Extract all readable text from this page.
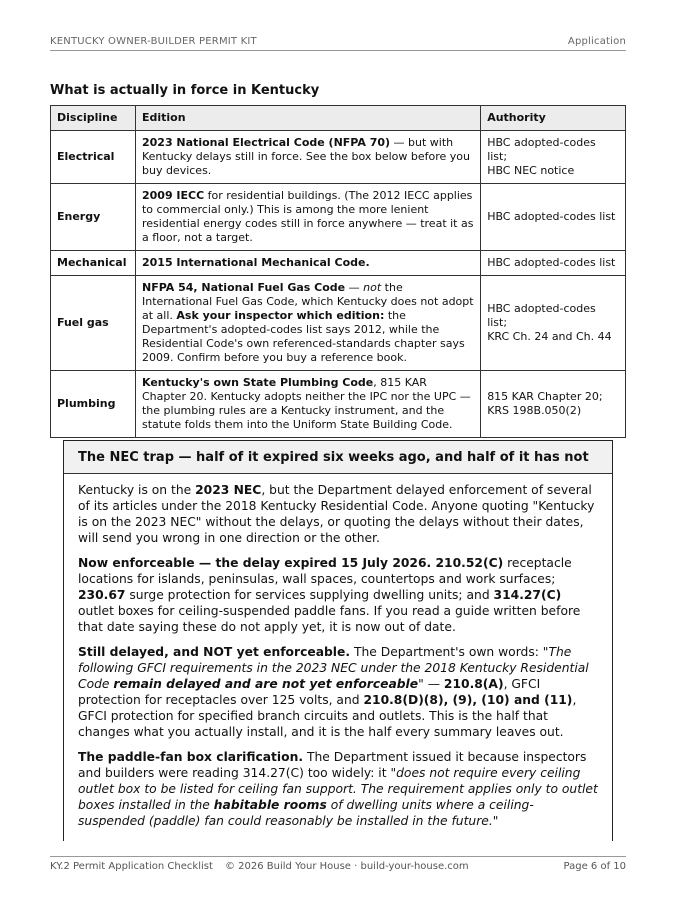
KENTUCKY OWNER-BUILDER PERMIT KIT	Application
What is actually in force in Kentucky
Discipline	Edition	Authority
Electrical	2023 National Electrical Code (NFPA 70) — but with Kentucky delays still in force. See the box below before you buy devices.	HBC adopted-codes list;
HBC NEC notice
Energy	2009 IECC for residential buildings. (The 2012 IECC applies to commercial only.) This is among the more lenient residential energy codes still in force anywhere — treat it as a floor, not a target.	HBC adopted-codes list
Mechanical	2015 International Mechanical Code.	HBC adopted-codes list
Fuel gas	NFPA 54, National Fuel Gas Code — not the International Fuel Gas Code, which Kentucky does not adopt at all. Ask your inspector which edition: the Department's adopted-codes list says 2012, while the Residential Code's own referenced-standards chapter says 2009. Confirm before you buy a reference book.	HBC adopted-codes list;
KRC Ch. 24 and Ch. 44
Plumbing	Kentucky's own State Plumbing Code, 815 KAR Chapter 20. Kentucky adopts neither the IPC nor the UPC — the plumbing rules are a Kentucky instrument, and the statute folds them into the Uniform State Building Code.	815 KAR Chapter 20;
KRS 198B.050(2)
The NEC trap — half of it expired six weeks ago, and half of it has not

Kentucky is on the 2023 NEC, but the Department delayed enforcement of several of its articles under the 2018 Kentucky Residential Code. Anyone quoting "Kentucky is on the 2023 NEC" without the delays, or quoting the delays without their dates, will send you wrong in one direction or the other.

Now enforceable — the delay expired 15 July 2026. 210.52(C) receptacle locations for islands, peninsulas, wall spaces, countertops and work surfaces; 230.67 surge protection for services supplying dwelling units; and 314.27(C) outlet boxes for ceiling-suspended paddle fans. If you read a guide written before that date saying these do not apply yet, it is now out of date.

Still delayed, and NOT yet enforceable. The Department's own words: "The following GFCI requirements in the 2023 NEC under the 2018 Kentucky Residential Code remain delayed and are not yet enforceable" — 210.8(A), GFCI protection for receptacles over 125 volts, and 210.8(D)(8), (9), (10) and (11), GFCI protection for specified branch circuits and outlets. This is the half that changes what you actually install, and it is the half every summary leaves out.

The paddle-fan box clarification. The Department issued it because inspectors and builders were reading 314.27(C) too widely: it "does not require every ceiling outlet box to be listed for ceiling fan support. The requirement applies only to outlet boxes installed in the habitable rooms of dwelling units where a ceiling-suspended (paddle) fan could reasonably be installed in the future."

KY.2 Permit Application Checklist	© 2026 Build Your House · build-your-house.com	Page 6 of 10
